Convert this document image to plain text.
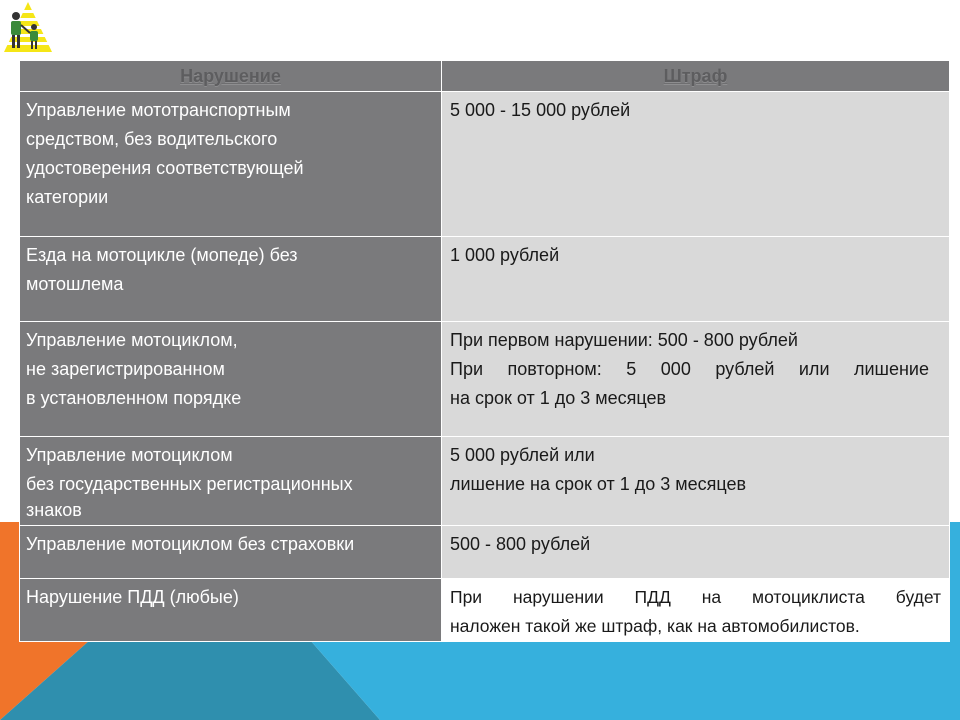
Нарушение	Штраф

Управление мототранспортным
средством, без водительского
удостоверения соответствующей
категории	5 000 - 15 000 рублей

Езда на мотоцикле (мопеде) без
мотошлема	1 000 рублей

Управление мотоциклом,
не зарегистрированном
в установленном порядке	При первом нарушении: 500 - 800 рублей
При повторном: 5 000 рублей или лишение
на срок от 1 до 3 месяцев

Управление мотоциклом
без государственных регистрационных
знаков	5 000 рублей или
лишение на срок от 1 до 3 месяцев

Управление мотоциклом без страховки	500 - 800 рублей

Нарушение ПДД (любые)	При нарушении ПДД на мотоциклиста будет
наложен такой же штраф, как на автомобилистов.
